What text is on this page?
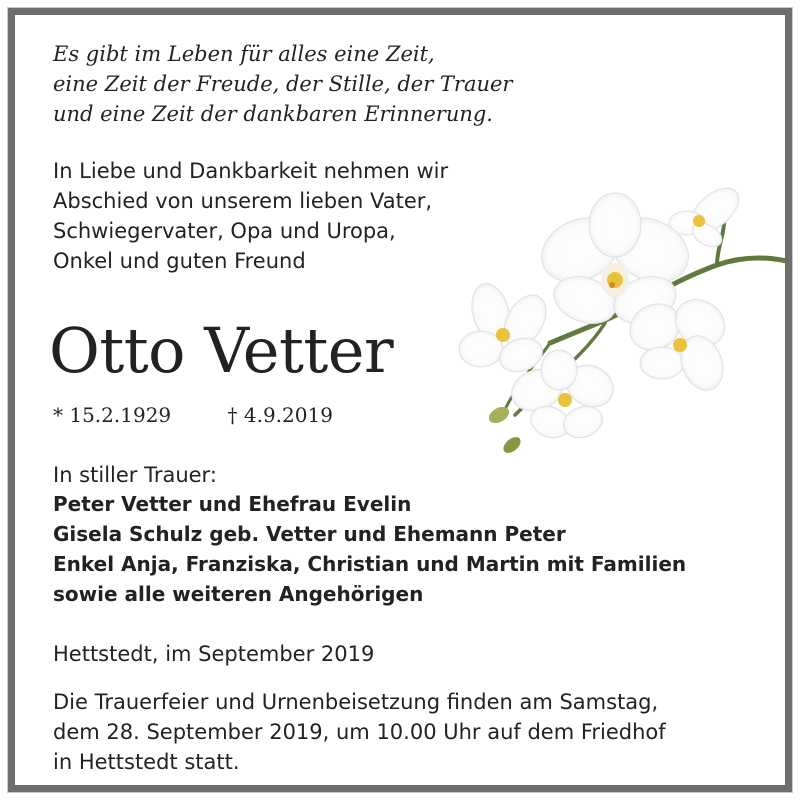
Es gibt im Leben für alles eine Zeit,
eine Zeit der Freude, der Stille, der Trauer
und eine Zeit der dankbaren Erinnerung.

In Liebe und Dankbarkeit nehmen wir
Abschied von unserem lieben Vater,
Schwiegervater, Opa und Uropa,
Onkel und guten Freund

Otto Vetter
* 15.2.1929	† 4.9.2019
In stiller Trauer:

Peter Vetter und Ehefrau Evelin
Gisela Schulz geb. Vetter und Ehemann Peter
Enkel Anja, Franziska, Christian und Martin mit Familien
sowie alle weiteren Angehörigen

Hettstedt, im September 2019

Die Trauerfeier und Urnenbeisetzung finden am Samstag,
dem 28. September 2019, um 10.00 Uhr auf dem Friedhof
in Hettstedt statt.
